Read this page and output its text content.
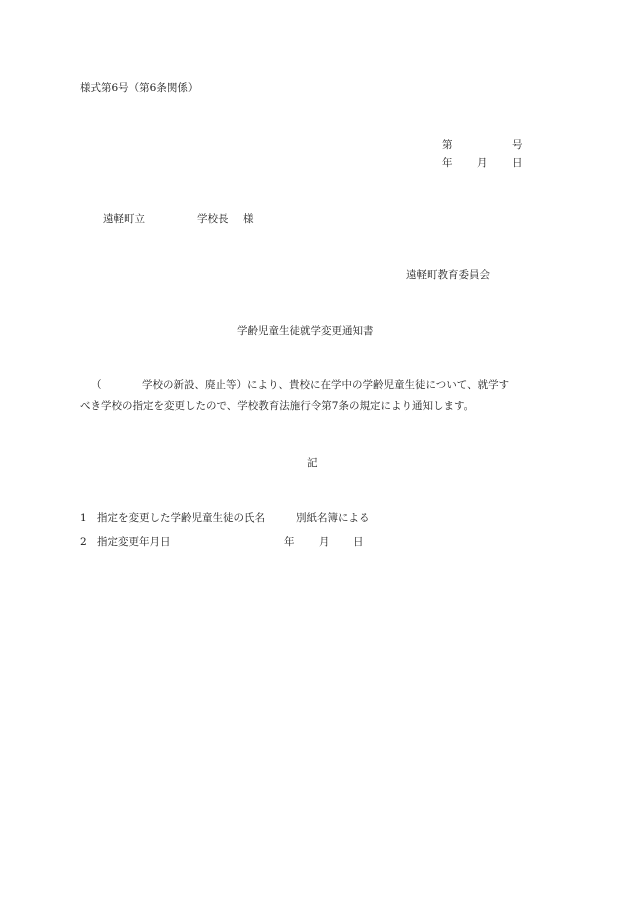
様式第6号（第6条関係）
第	号
年 月 日
遠軽町立	学校長 様
遠軽町教育委員会
学齢児童生徒就学変更通知書
（	学校の新設、廃止等）により、貴校に在学中の学齢児童生徒について、就学す
べき学校の指定を変更したので、学校教育法施行令第7条の規定により通知します。
記
1 指定を変更した学齢児童生徒の氏名	別紙名簿による
2 指定変更年月日	年 月 日
